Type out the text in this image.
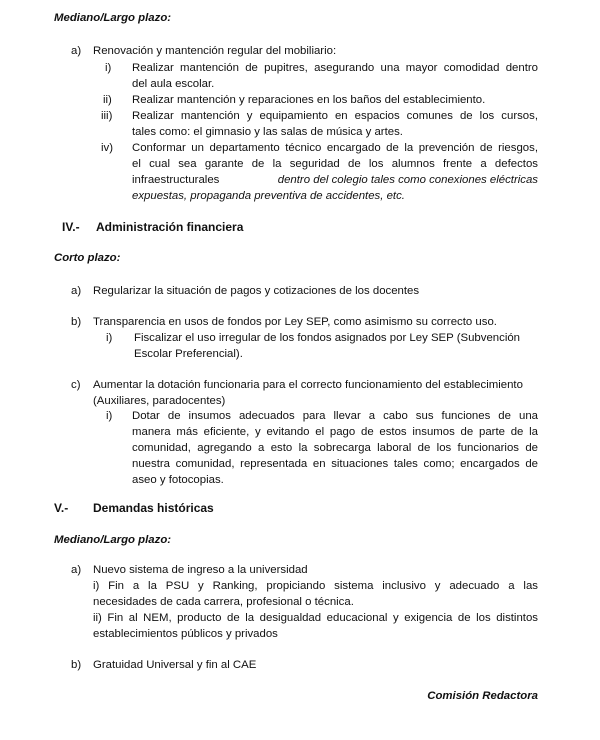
Mediano/Largo plazo:
a) Renovación y mantención regular del mobiliario:
i) Realizar mantención de pupitres, asegurando una mayor comodidad dentro
del aula escolar.
ii) Realizar mantención y reparaciones en los baños del establecimiento.
iii) Realizar mantención y equipamiento en espacios comunes de los cursos,
tales como: el gimnasio y las salas de música y artes.
iv) Conformar un departamento técnico encargado de la prevención de riesgos,
el cual sea garante de la seguridad de los alumnos frente a defectos
infraestructurales	dentro del colegio tales como conexiones eléctricas
expuestas, propaganda preventiva de accidentes, etc.
IV.- Administración financiera
Corto plazo:
a) Regularizar la situación de pagos y cotizaciones de los docentes
b) Transparencia en usos de fondos por Ley SEP, como asimismo su correcto uso.
i) Fiscalizar el uso irregular de los fondos asignados por Ley SEP (Subvención
Escolar Preferencial).
c) Aumentar la dotación funcionaria para el correcto funcionamiento del establecimiento
(Auxiliares, paradocentes)
i) Dotar de insumos adecuados para llevar a cabo sus funciones de una
manera más eficiente, y evitando el pago de estos insumos de parte de la
comunidad, agregando a esto la sobrecarga laboral de los funcionarios de
nuestra comunidad, representada en situaciones tales como; encargados de
aseo y fotocopias.
V.- Demandas históricas
Mediano/Largo plazo:
a) Nuevo sistema de ingreso a la universidad
i) Fin a la PSU y Ranking, propiciando sistema inclusivo y adecuado a las
necesidades de cada carrera, profesional o técnica.
ii) Fin al NEM, producto de la desigualdad educacional y exigencia de los distintos
establecimientos públicos y privados
b) Gratuidad Universal y fin al CAE
Comisión Redactora
